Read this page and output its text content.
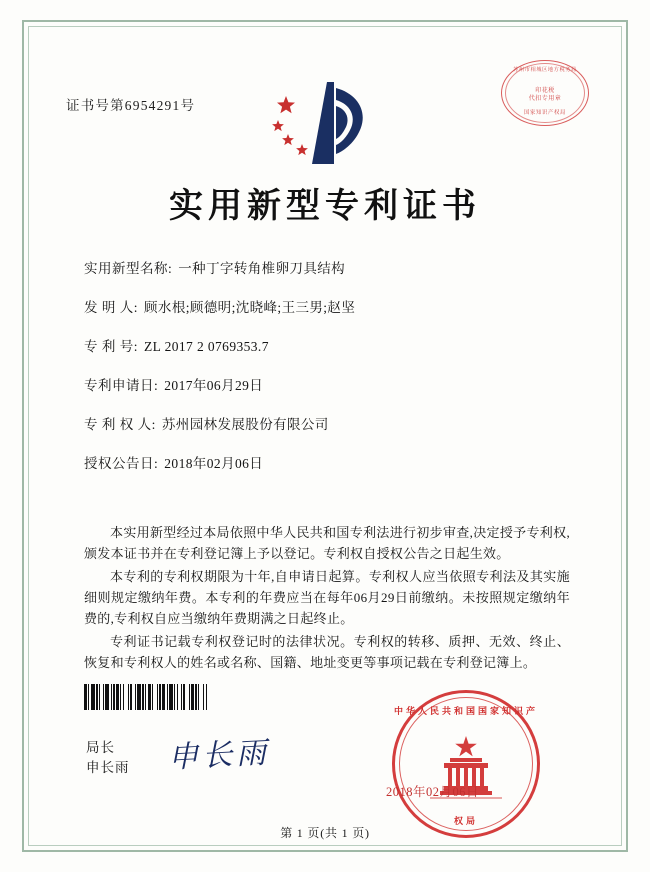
证书号第6954291号
苏州市相城区地方税务局
印花税
代扣专用章
国家知识产权局
实用新型专利证书
实用新型名称: 一种丁字转角椎卵刀具结构
发 明 人: 顾水根;顾德明;沈晓峰;王三男;赵坚
专 利 号: ZL 2017 2 0769353.7
专利申请日: 2017年06月29日
专 利 权 人: 苏州园林发展股份有限公司
授权公告日: 2018年02月06日

本实用新型经过本局依照中华人民共和国专利法进行初步审查,决定授予专利权,颁发本证书并在专利登记簿上予以登记。专利权自授权公告之日起生效。

本专利的专利权期限为十年,自申请日起算。专利权人应当依照专利法及其实施细则规定缴纳年费。本专利的年费应当在每年06月29日前缴纳。未按照规定缴纳年费的,专利权自应当缴纳年费期满之日起终止。

专利证书记载专利权登记时的法律状况。专利权的转移、质押、无效、终止、恢复和专利权人的姓名或名称、国籍、地址变更等事项记载在专利登记簿上。

局长
申长雨 申长雨
中华人民共和国国家知识产
权局
2018年02月06日
第 1 页(共 1 页)
